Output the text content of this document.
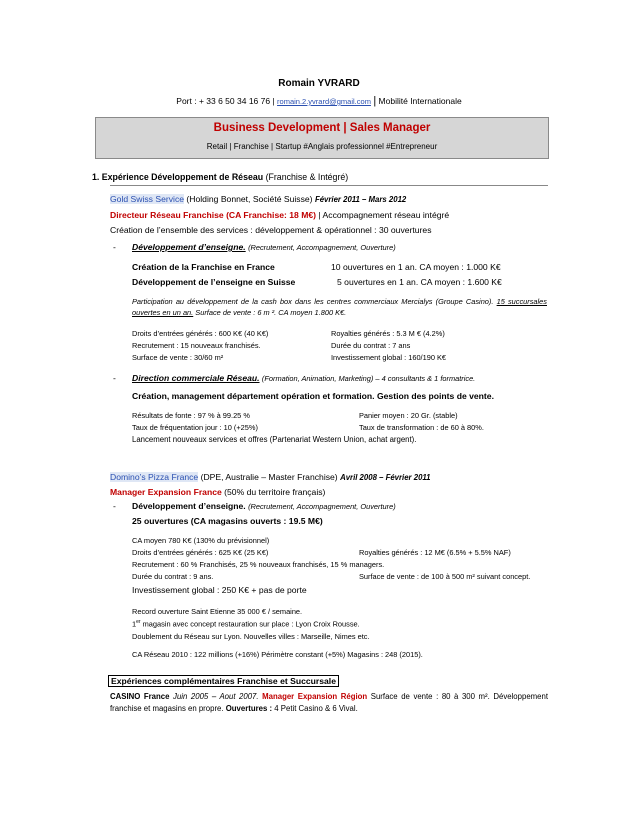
Romain YVRARD
Port : + 33 6 50 34 16 76 | romain.2.yvrard@gmail.com | Mobilité Internationale
Business Development | Sales Manager
Retail | Franchise | Startup #Anglais professionnel #Entrepreneur
1. Expérience Développement de Réseau (Franchise & Intégré)
Gold Swiss Service (Holding Bonnet, Société Suisse) Février 2011 – Mars 2012
Directeur Réseau Franchise (CA Franchise: 18 M€) | Accompagnement réseau intégré
Création de l’ensemble des services : développement & opérationnel : 30 ouvertures
- Développement d’enseigne. (Recrutement, Accompagnement, Ouverture)
Création de la Franchise en France	10 ouvertures en 1 an. CA moyen : 1.000 K€
Développement de l’enseigne en Suisse	5 ouvertures en 1 an. CA moyen : 1.600 K€
Participation au développement de la cash box dans les centres commerciaux Mercialys (Groupe Casino). 15 succursales ouvertes en un an. Surface de vente : 6 m ². CA moyen 1.800 K€.
Droits d’entrées générés : 600 K€ (40 K€)	Royalties générés : 5.3 M € (4.2%)
Recrutement : 15 nouveaux franchisés.	Durée du contrat : 7 ans
Surface de vente : 30/60 m²	Investissement global : 160/190 K€
- Direction commerciale Réseau. (Formation, Animation, Marketing) – 4 consultants & 1 formatrice.
Création, management département opération et formation. Gestion des points de vente.
Résultats de fonte : 97 % à 99.25 %	Panier moyen : 20 Gr. (stable)
Taux de fréquentation jour : 10 (+25%)	Taux de transformation : de 60 à 80%.
Lancement nouveaux services et offres (Partenariat Western Union, achat argent).
Domino’s Pizza France (DPE, Australie – Master Franchise) Avril 2008 – Février 2011
Manager Expansion France (50% du territoire français)
- Développement d’enseigne. (Recrutement, Accompagnement, Ouverture)
25 ouvertures (CA magasins ouverts : 19.5 M€)
CA moyen 780 K€ (130% du prévisionnel)
Droits d’entrées générés : 625 K€ (25 K€)	Royalties générés : 12 M€ (6.5% + 5.5% NAF)
Recrutement : 60 % Franchisés, 25 % nouveaux franchisés, 15 % managers.
Durée du contrat : 9 ans.	Surface de vente : de 100 à 500 m² suivant concept.
Investissement global : 250 K€ + pas de porte
Record ouverture Saint Etienne 35 000 € / semaine.
1er magasin avec concept restauration sur place : Lyon Croix Rousse.
Doublement du Réseau sur Lyon. Nouvelles villes : Marseille, Nimes etc.
CA Réseau 2010 : 122 millions (+16%) Périmètre constant (+5%) Magasins : 248 (2015).
Expériences complémentaires Franchise et Succursale
CASINO France Juin 2005 – Aout 2007. Manager Expansion Région Surface de vente : 80 à 300 m². Développement franchise et magasins en propre. Ouvertures : 4 Petit Casino & 6 Vival.
